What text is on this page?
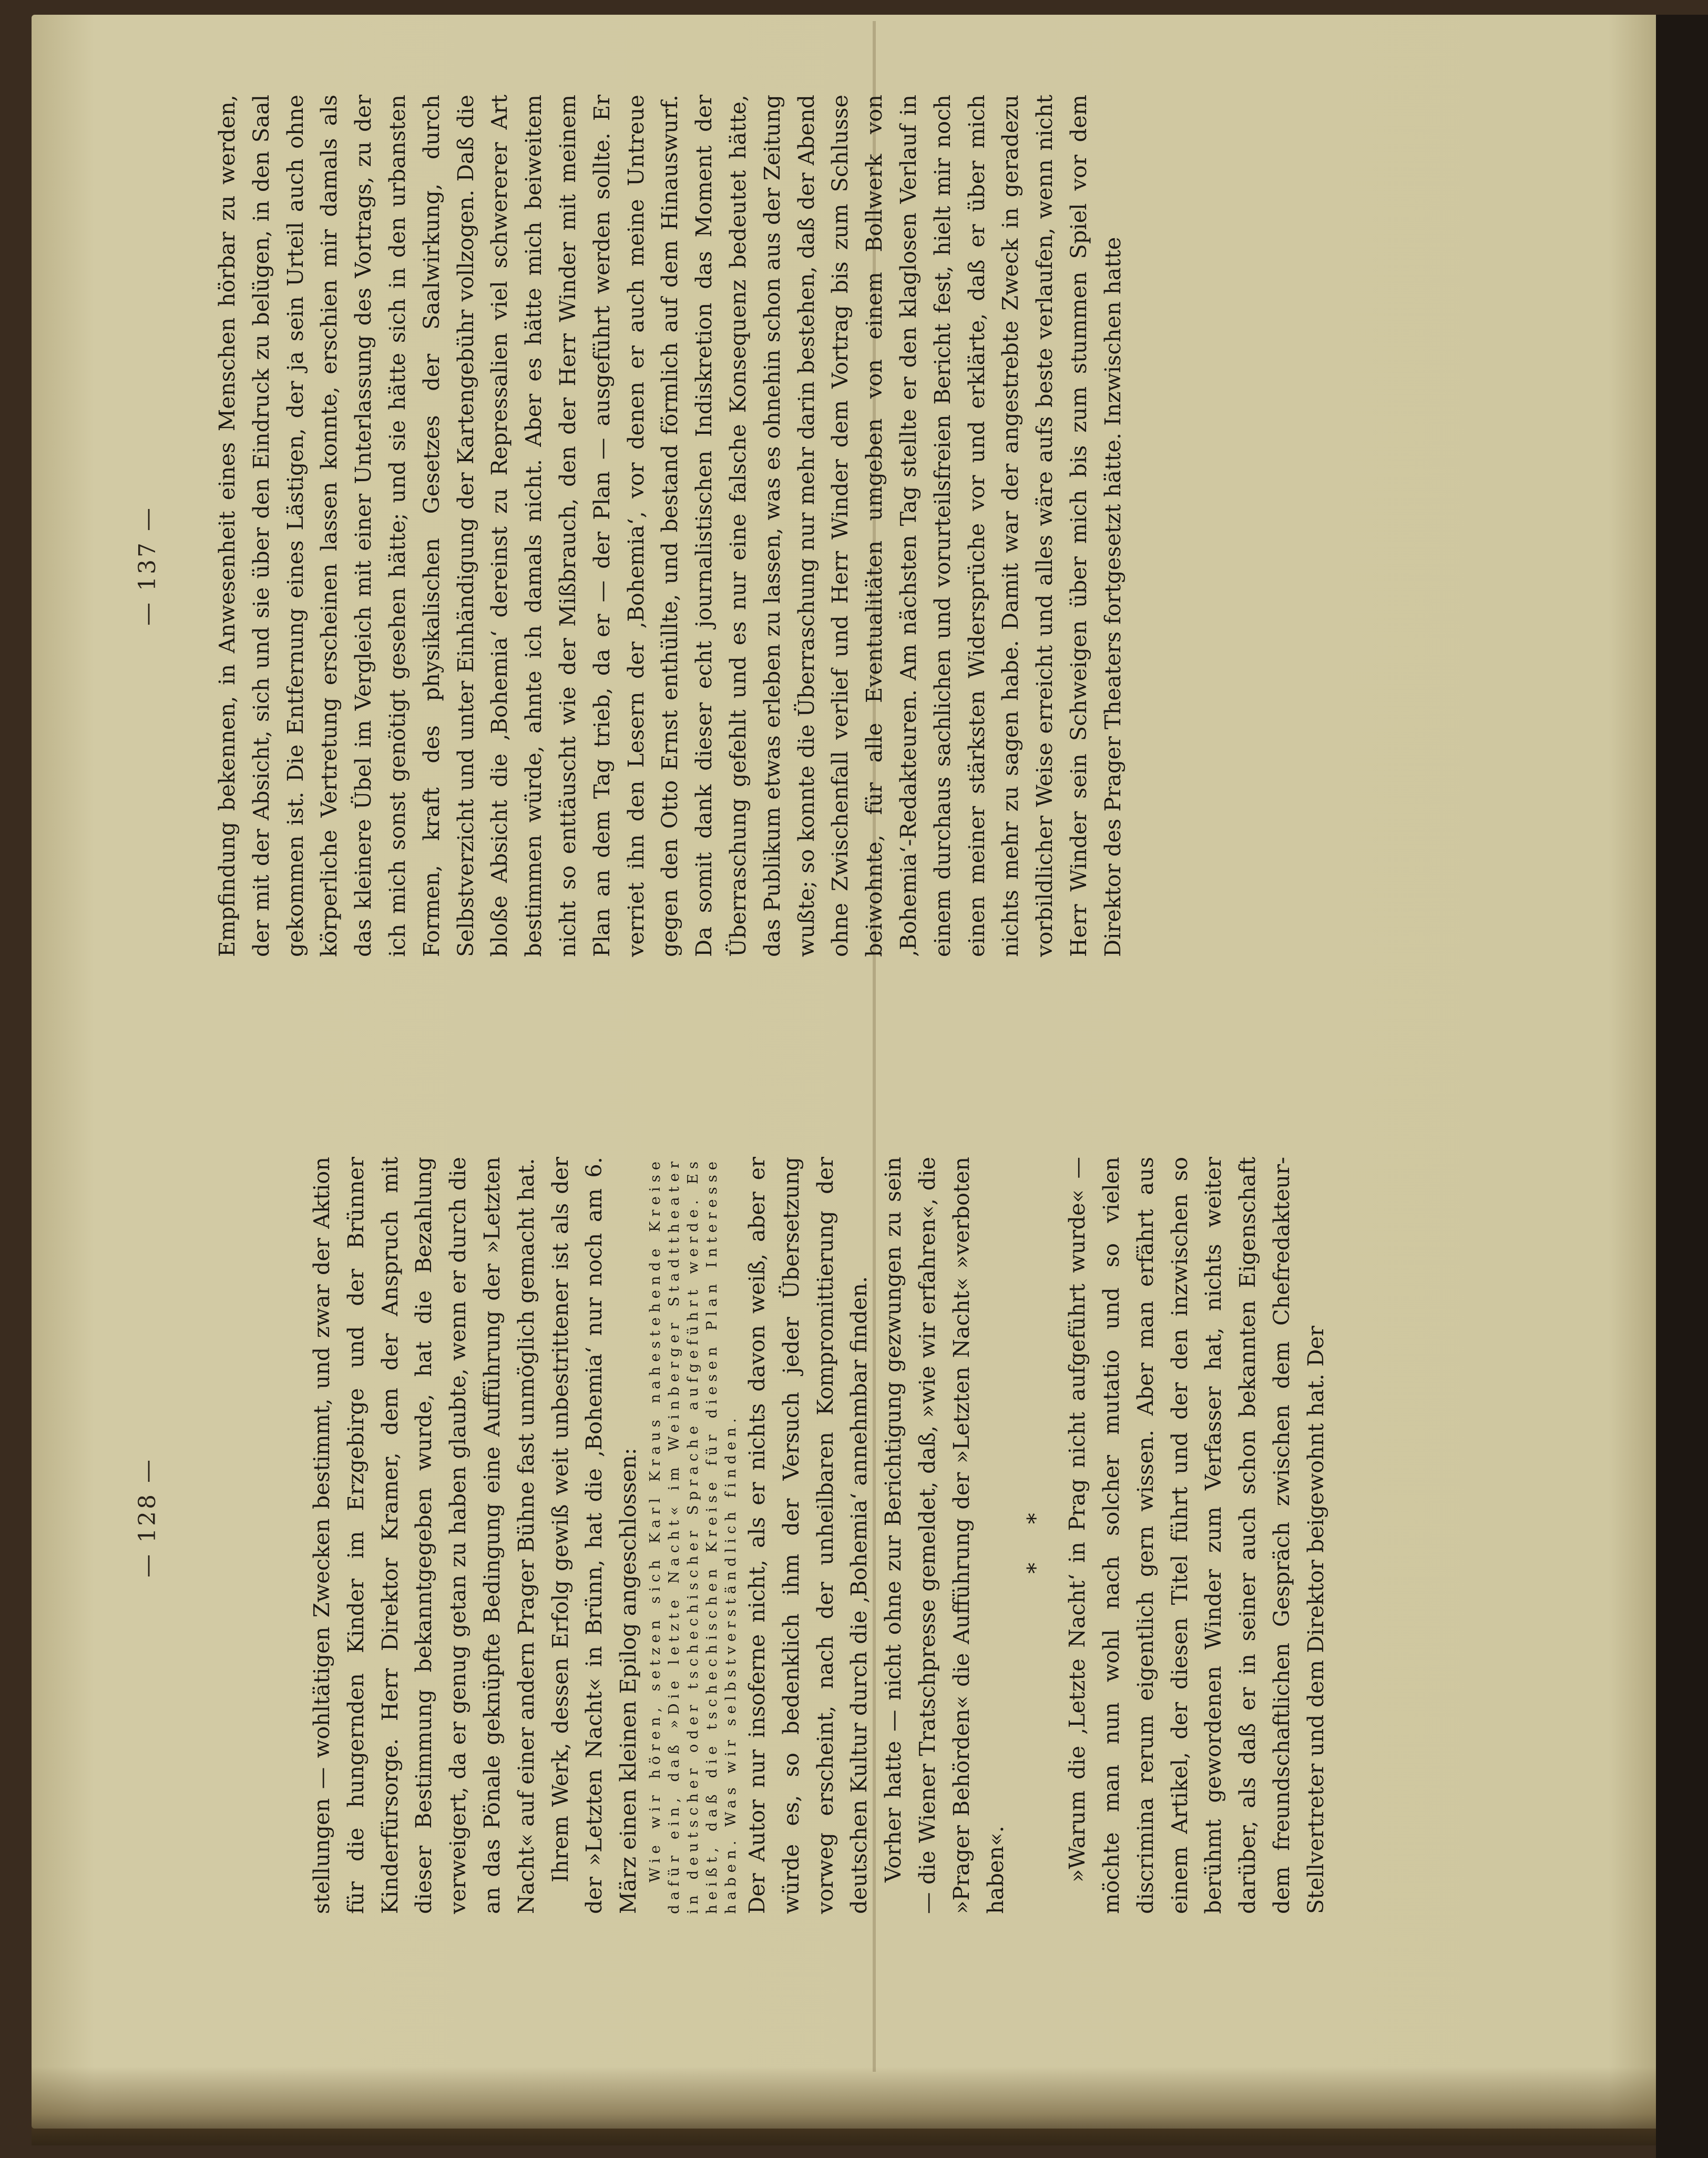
— 128 —	stellungen — wohltätigen Zwecken bestimmt, und zwar der Aktion für die hungernden Kinder im Erzgebirge und der Brünner Kinderfürsorge. Herr Direktor Kramer, dem der Anspruch mit dieser Bestimmung bekanntgegeben wurde, hat die Bezahlung verweigert, da er genug getan zu haben glaubte, wenn er durch die an das Pönale geknüpfte Bedingung eine Aufführung der »Letzten Nacht« auf einer andern Prager Bühne fast unmöglich gemacht hat. Ihrem Werk, dessen Erfolg gewiß weit unbestrittener ist als der der »Letzten Nacht« in Brünn, hat die ‚Bohemia‘ nur noch am 6. März einen kleinen Epilog angeschlossen: Wie wir hören, setzen sich Karl Kraus nahestehende Kreise dafür ein, daß »Die letzte Nacht« im Weinberger Stadttheater in deutscher oder tschechischer Sprache aufgeführt werde. Es heißt, daß die tschechischen Kreise für diesen Plan Interesse haben. Was wir selbstverständlich finden. Der Autor nur insoferne nicht, als er nichts davon weiß, aber er würde es, so bedenklich ihm der Versuch jeder Übersetzung vorweg erscheint, nach der unheilbaren Kompromittierung der deutschen Kultur durch die ‚Bohemia‘ annehmbar finden. Vorher hatte — nicht ohne zur Berichtigung gezwungen zu sein — die Wiener Tratschpresse gemeldet, daß, »wie wir erfahren«, die »Prager Behörden« die Aufführung der »Letzten Nacht« »verboten haben«.

* * »Warum die ‚Letzte Nacht‘ in Prag nicht aufgeführt wurde« — möchte man nun wohl nach solcher mutatio und so vielen discrimina rerum eigentlich gern wissen. Aber man erfährt aus einem Artikel, der diesen Titel führt und der den inzwischen so berühmt gewordenen Winder zum Verfasser hat, nichts weiter darüber, als daß er in seiner auch schon bekannten Eigenschaft dem freundschaftlichen Gespräch zwischen dem Chefredakteur-Stellvertreter und dem Direktor beigewohnt hat. Der

— 137 — Empfindung bekennen, in Anwesenheit eines Menschen hörbar zu werden, der mit der Absicht, sich und sie über den Eindruck zu belügen, in den Saal gekommen ist. Die Entfernung eines Lästigen, der ja sein Urteil auch ohne körperliche Vertretung erscheinen lassen konnte, erschien mir damals als das kleinere Übel im Vergleich mit einer Unterlassung des Vortrags, zu der ich mich sonst genötigt gesehen hätte; und sie hätte sich in den urbansten Formen, kraft des physikalischen Gesetzes der Saalwirkung, durch Selbstverzicht und unter Einhändigung der Kartengebühr vollzogen. Daß die bloße Absicht die ‚Bohemia‘ dereinst zu Repressalien viel schwererer Art bestimmen würde, ahnte ich damals nicht. Aber es hätte mich beiweitem nicht so enttäuscht wie der Mißbrauch, den der Herr Winder mit meinem Plan an dem Tag trieb, da er — der Plan — ausgeführt werden sollte. Er verriet ihn den Lesern der ‚Bohemia‘, vor denen er auch meine Untreue gegen den Otto Ernst enthüllte, und bestand förmlich auf dem Hinauswurf. Da somit dank dieser echt journalistischen Indiskretion das Moment der Überraschung gefehlt und es nur eine falsche Konsequenz bedeutet hätte, das Publikum etwas erleben zu lassen, was es ohnehin schon aus der Zeitung wußte; so konnte die Überraschung nur mehr darin bestehen, daß der Abend ohne Zwischenfall verlief und Herr Winder dem Vortrag bis zum Schlusse beiwohnte, für alle Eventualitäten umgeben von einem Bollwerk von ‚Bohemia‘-Redakteuren. Am nächsten Tag stellte er den klaglosen Verlauf in einem durchaus sachlichen und vorurteilsfreien Bericht fest, hielt mir noch einen meiner stärksten Widersprüche vor und erklärte, daß er über mich nichts mehr zu sagen habe. Damit war der angestrebte Zweck in geradezu vorbildlicher Weise erreicht und alles wäre aufs beste verlaufen, wenn nicht Herr Winder sein Schweigen über mich bis zum stummen Spiel vor dem Direktor des Prager Theaters fortgesetzt hätte. Inzwischen hatte
